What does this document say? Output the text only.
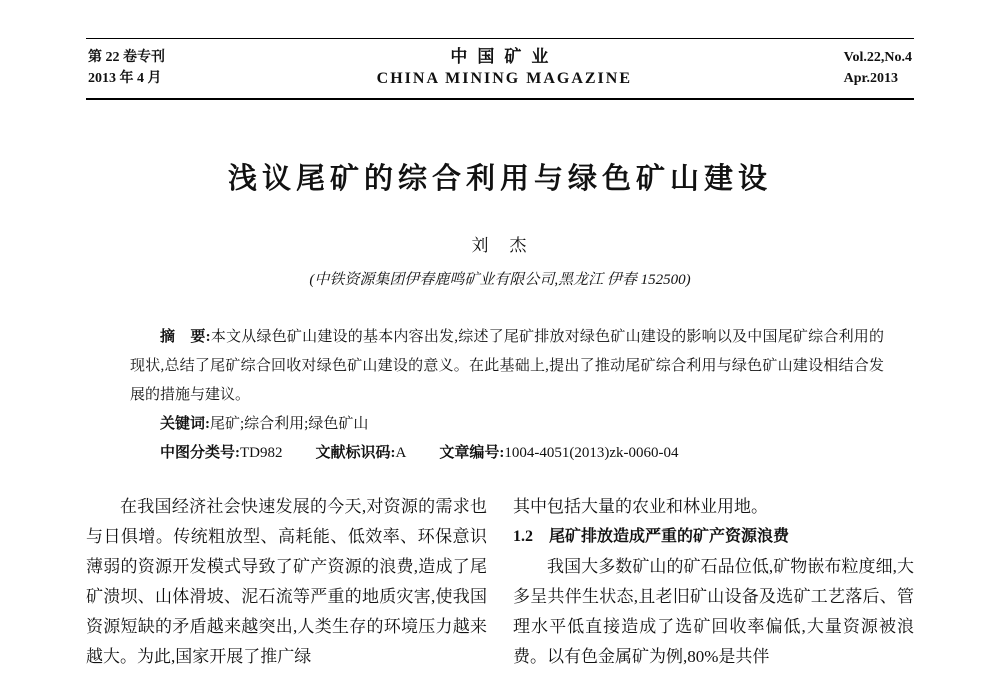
第 22 卷专刊
2013 年 4 月
中国矿业
CHINA MINING MAGAZINE
Vol.22,No.4
Apr.2013
浅议尾矿的综合利用与绿色矿山建设
刘　杰
(中铁资源集团伊春鹿鸣矿业有限公司,黑龙江 伊春 152500)

摘　要:本文从绿色矿山建设的基本内容出发,综述了尾矿排放对绿色矿山建设的影响以及中国尾矿综合利用的现状,总结了尾矿综合回收对绿色矿山建设的意义。在此基础上,提出了推动尾矿综合利用与绿色矿山建设相结合发展的措施与建议。

关键词:尾矿;综合利用;绿色矿山

中图分类号:TD982 文献标识码:A 文章编号:1004-4051(2013)zk-0060-04

在我国经济社会快速发展的今天,对资源的需求也与日俱增。传统粗放型、高耗能、低效率、环保意识薄弱的资源开发模式导致了矿产资源的浪费,造成了尾矿溃坝、山体滑坡、泥石流等严重的地质灾害,使我国资源短缺的矛盾越来越突出,人类生存的环境压力越来越大。为此,国家开展了推广绿

其中包括大量的农业和林业用地。

1.2　尾矿排放造成严重的矿产资源浪费

我国大多数矿山的矿石品位低,矿物嵌布粒度细,大多呈共伴生状态,且老旧矿山设备及选矿工艺落后、管理水平低直接造成了选矿回收率偏低,大量资源被浪费。以有色金属矿为例,80%是共伴
